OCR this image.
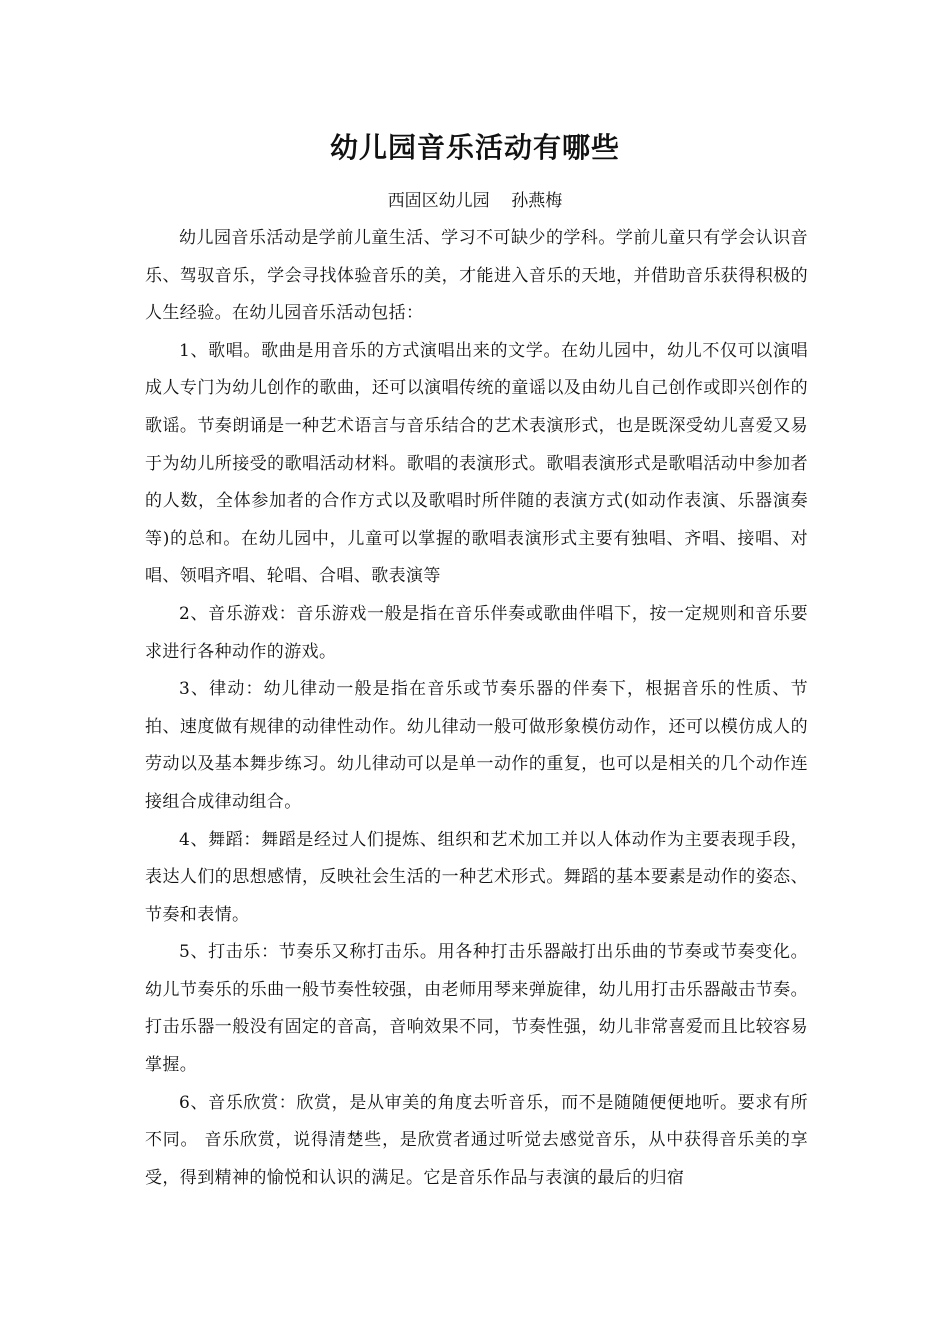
幼儿园音乐活动有哪些
西固区幼儿园    孙燕梅

幼儿园音乐活动是学前儿童生活、学习不可缺少的学科。学前儿童只有学会认识音乐、驾驭音乐，学会寻找体验音乐的美，才能进入音乐的天地，并借助音乐获得积极的人生经验。在幼儿园音乐活动包括：

1、歌唱。歌曲是用音乐的方式演唱出来的文学。在幼儿园中，幼儿不仅可以演唱成人专门为幼儿创作的歌曲，还可以演唱传统的童谣以及由幼儿自己创作或即兴创作的歌谣。节奏朗诵是一种艺术语言与音乐结合的艺术表演形式，也是既深受幼儿喜爱又易于为幼儿所接受的歌唱活动材料。歌唱的表演形式。歌唱表演形式是歌唱活动中参加者的人数，全体参加者的合作方式以及歌唱时所伴随的表演方式(如动作表演、乐器演奏等)的总和。在幼儿园中，儿童可以掌握的歌唱表演形式主要有独唱、齐唱、接唱、对唱、领唱齐唱、轮唱、合唱、歌表演等

2、音乐游戏：音乐游戏一般是指在音乐伴奏或歌曲伴唱下，按一定规则和音乐要求进行各种动作的游戏。

3、律动：幼儿律动一般是指在音乐或节奏乐器的伴奏下，根据音乐的性质、节拍、速度做有规律的动律性动作。幼儿律动一般可做形象模仿动作，还可以模仿成人的劳动以及基本舞步练习。幼儿律动可以是单一动作的重复，也可以是相关的几个动作连接组合成律动组合。

4、舞蹈：舞蹈是经过人们提炼、组织和艺术加工并以人体动作为主要表现手段，表达人们的思想感情，反映社会生活的一种艺术形式。舞蹈的基本要素是动作的姿态、节奏和表情。

5、打击乐：节奏乐又称打击乐。用各种打击乐器敲打出乐曲的节奏或节奏变化。幼儿节奏乐的乐曲一般节奏性较强，由老师用琴来弹旋律，幼儿用打击乐器敲击节奏。打击乐器一般没有固定的音高，音响效果不同，节奏性强，幼儿非常喜爱而且比较容易掌握。

6、音乐欣赏：欣赏，是从审美的角度去听音乐，而不是随随便便地听。要求有所不同。 音乐欣赏，说得清楚些，是欣赏者通过听觉去感觉音乐，从中获得音乐美的享受，得到精神的愉悦和认识的满足。它是音乐作品与表演的最后的归宿
